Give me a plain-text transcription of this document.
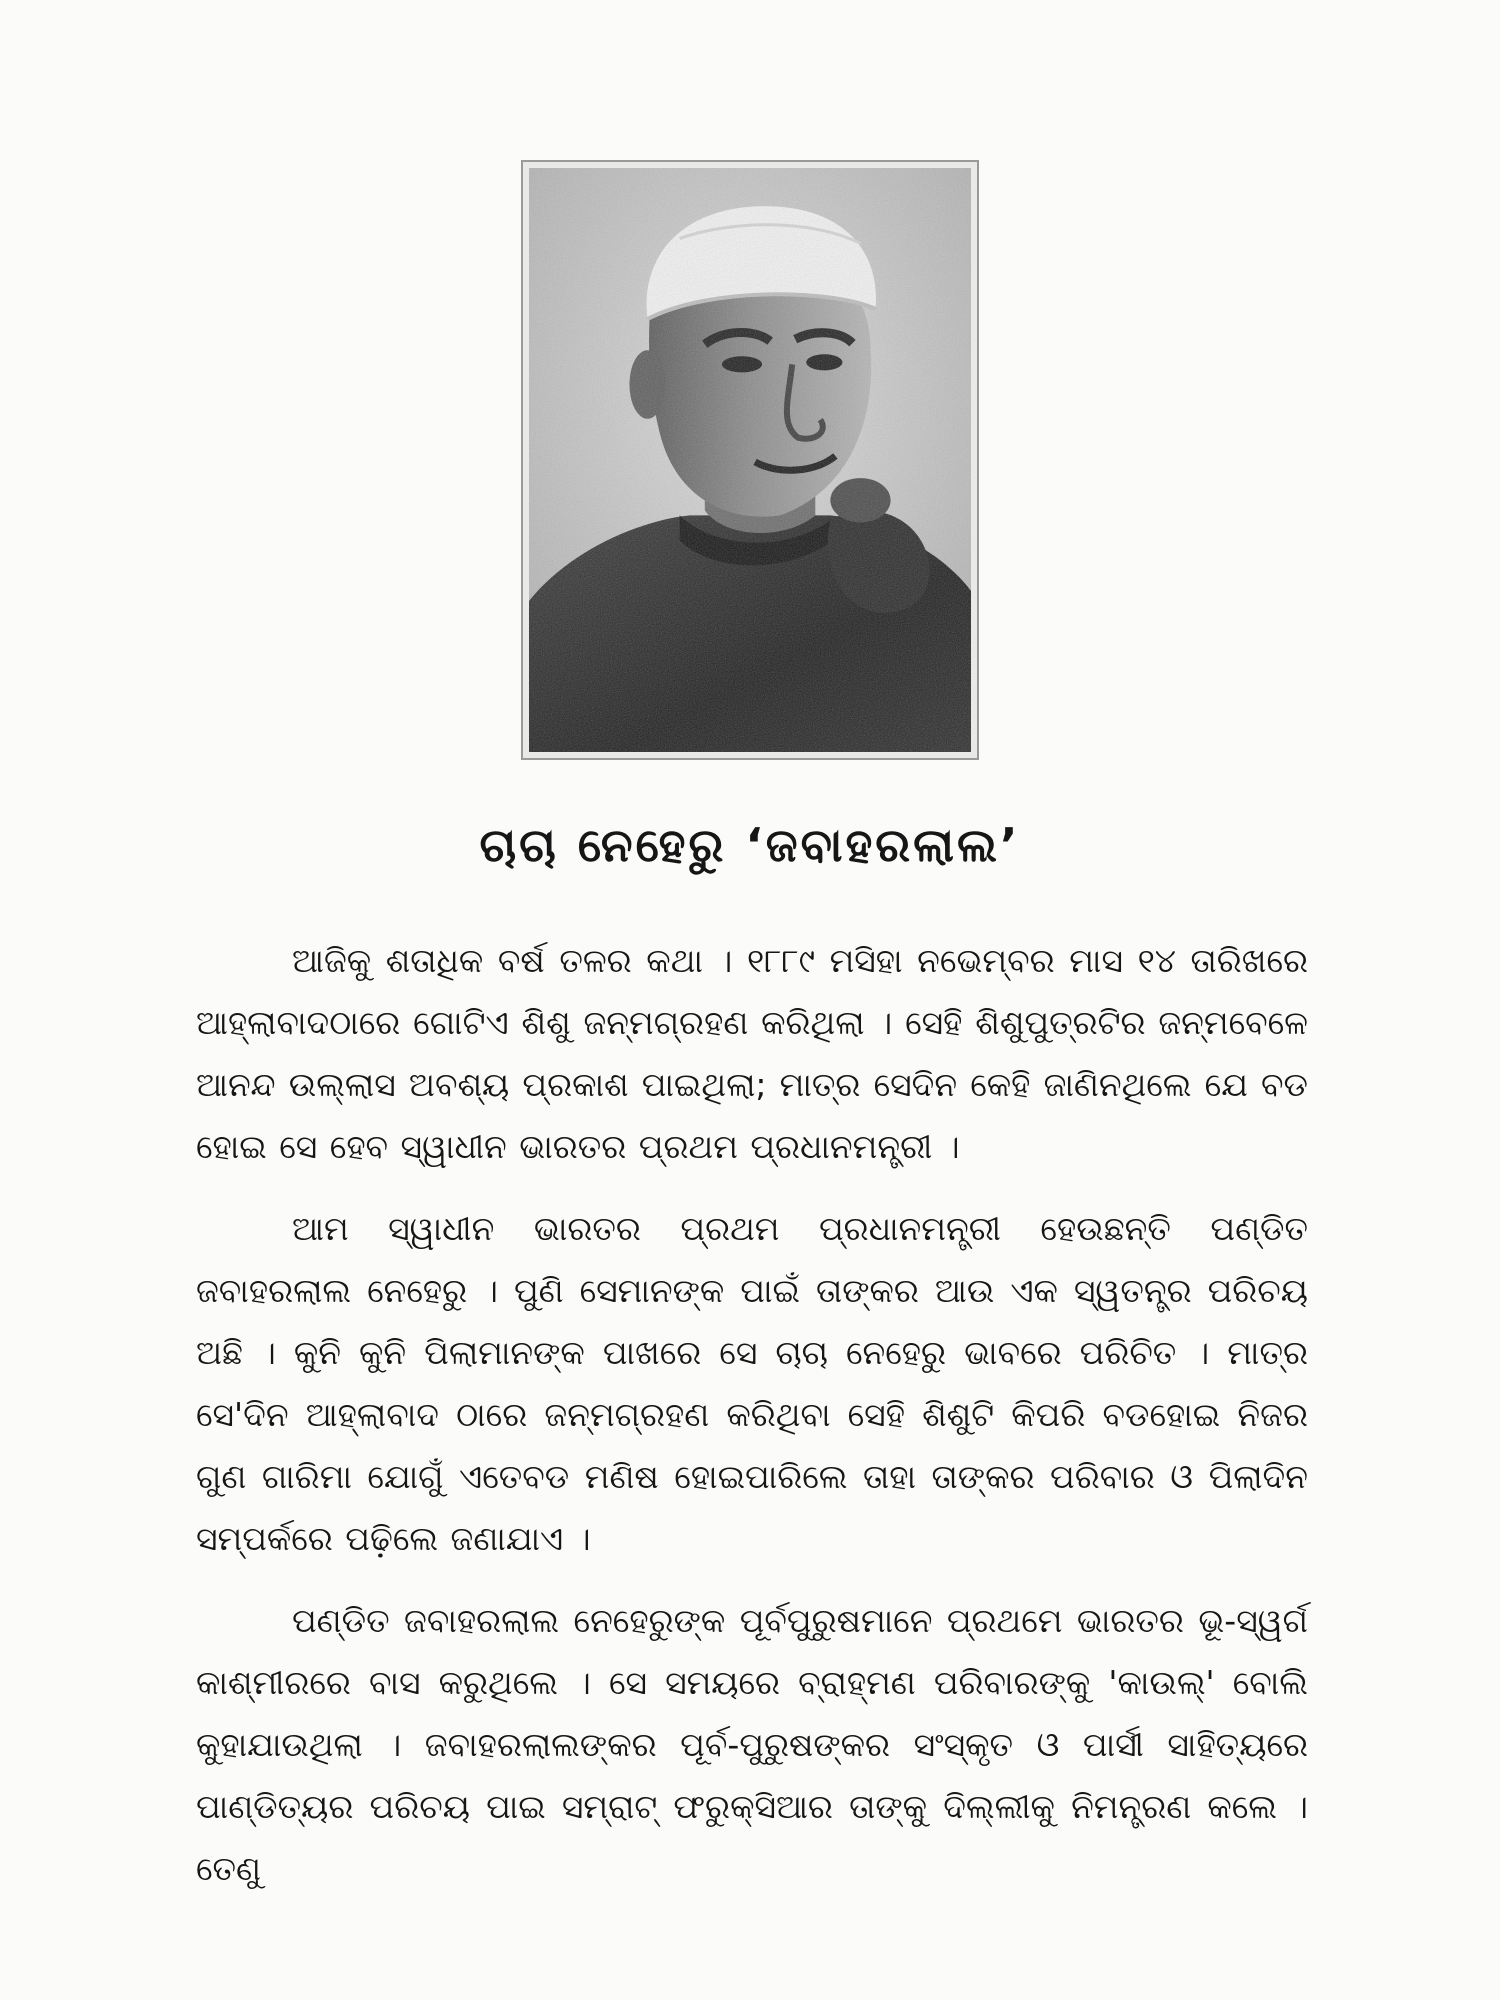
ଚାଚା ନେହେରୁ ‘ଜବାହରଲାଲ’

ଆଜିକୁ ଶତାଧିକ ବର୍ଷ ତଳର କଥା । ୧୮୮୯ ମସିହା ନଭେମ୍ବର ମାସ ୧୪ ତାରିଖରେ ଆହ୍ଲାବାଦଠାରେ ଗୋଟିଏ ଶିଶୁ ଜନ୍ମଗ୍ରହଣ କରିଥିଲା । ସେହି ଶିଶୁପୁତ୍ରଟିର ଜନ୍ମବେଳେ ଆନନ୍ଦ ଉଲ୍ଲାସ ଅବଶ୍ୟ ପ୍ରକାଶ ପାଇଥିଲା; ମାତ୍ର ସେଦିନ କେହି ଜାଣିନଥିଲେ ଯେ ବଡ ହୋଇ ସେ ହେବ ସ୍ୱାଧୀନ ଭାରତର ପ୍ରଥମ ପ୍ରଧାନମନ୍ତ୍ରୀ ।

ଆମ ସ୍ୱାଧୀନ ଭାରତର ପ୍ରଥମ ପ୍ରଧାନମନ୍ତ୍ରୀ ହେଉଛନ୍ତି ପଣ୍ଡିତ ଜବାହରଲାଲ ନେହେରୁ । ପୁଣି ସେମାନଙ୍କ ପାଇଁ ତାଙ୍କର ଆଉ ଏକ ସ୍ୱତନ୍ତ୍ର ପରିଚୟ ଅଛି । କୁନି କୁନି ପିଲାମାନଙ୍କ ପାଖରେ ସେ ଚାଚା ନେହେରୁ ଭାବରେ ପରିଚିତ । ମାତ୍ର ସେ'ଦିନ ଆହ୍ଲାବାଦ ଠାରେ ଜନ୍ମଗ୍ରହଣ କରିଥିବା ସେହି ଶିଶୁଟି କିପରି ବଡହୋଇ ନିଜର ଗୁଣ ଗାରିମା ଯୋଗୁଁ ଏତେବଡ ମଣିଷ ହୋଇପାରିଲେ ତାହା ତାଙ୍କର ପରିବାର ଓ ପିଲାଦିନ ସମ୍ପର୍କରେ ପଢ଼ିଲେ ଜଣାଯାଏ ।

ପଣ୍ଡିତ ଜବାହରଲାଲ ନେହେରୁଙ୍କ ପୂର୍ବପୁରୁଷମାନେ ପ୍ରଥମେ ଭାରତର ଭୂ-ସ୍ୱର୍ଗ କାଶ୍ମୀରରେ ବାସ କରୁଥିଲେ । ସେ ସମୟରେ ବ୍ରାହ୍ମଣ ପରିବାରଙ୍କୁ 'କାଉଲ୍' ବୋଲି କୁହାଯାଉଥିଲା । ଜବାହରଲାଲଙ୍କର ପୂର୍ବ-ପୁରୁଷଙ୍କର ସଂସ୍କୃତ ଓ ପାର୍ସୀ ସାହିତ୍ୟରେ ପାଣ୍ଡିତ୍ୟର ପରିଚୟ ପାଇ ସମ୍ରାଟ୍ ଫରୁକ୍‌ସିଆର ତାଙ୍କୁ ଦିଲ୍ଲୀକୁ ନିମନ୍ତ୍ରଣ କଲେ । ତେଣୁ
